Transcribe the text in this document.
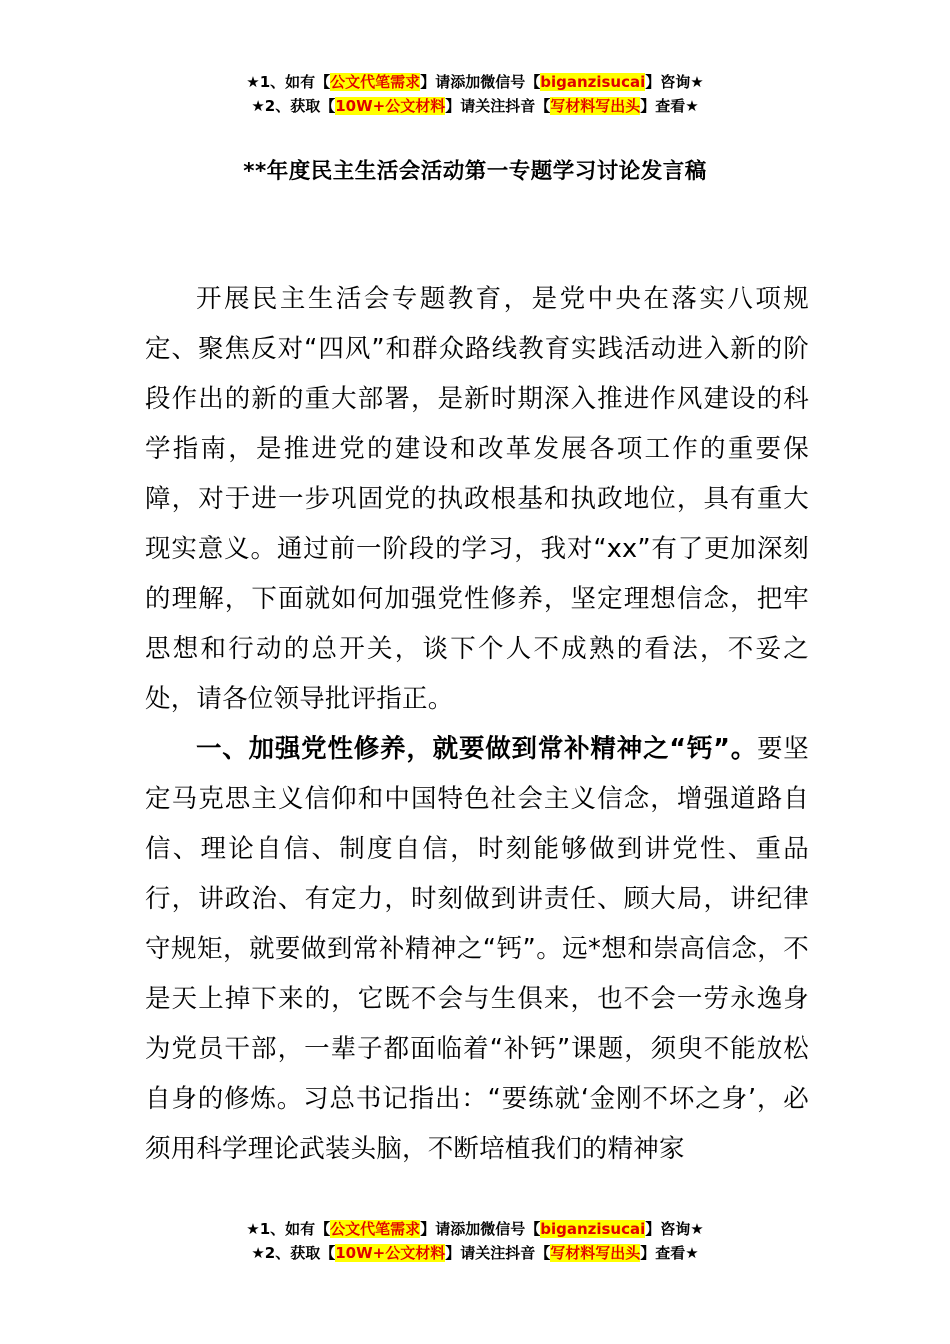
★1、如有【公文代笔需求】请添加微信号【biganzisucai】咨询★
★2、获取【10W+公文材料】请关注抖音【写材料写出头】查看★
**年度民主生活会活动第一专题学习讨论发言稿

开展民主生活会专题教育，是党中央在落实八项规定、聚焦反对“四风”和群众路线教育实践活动进入新的阶段作出的新的重大部署，是新时期深入推进作风建设的科学指南，是推进党的建设和改革发展各项工作的重要保障，对于进一步巩固党的执政根基和执政地位，具有重大现实意义。通过前一阶段的学习，我对“xx”有了更加深刻的理解，下面就如何加强党性修养，坚定理想信念，把牢思想和行动的总开关，谈下个人不成熟的看法，不妥之处，请各位领导批评指正。

一、加强党性修养，就要做到常补精神之“钙”。要坚定马克思主义信仰和中国特色社会主义信念，增强道路自信、理论自信、制度自信，时刻能够做到讲党性、重品行，讲政治、有定力，时刻做到讲责任、顾大局，讲纪律守规矩，就要做到常补精神之“钙”。远*想和崇高信念，不是天上掉下来的，它既不会与生俱来，也不会一劳永逸身为党员干部，一辈子都面临着“补钙”课题，须臾不能放松自身的修炼。习总书记指出：“要练就‘金刚不坏之身’，必须用科学理论武装头脑，不断培植我们的精神家

★1、如有【公文代笔需求】请添加微信号【biganzisucai】咨询★
★2、获取【10W+公文材料】请关注抖音【写材料写出头】查看★
